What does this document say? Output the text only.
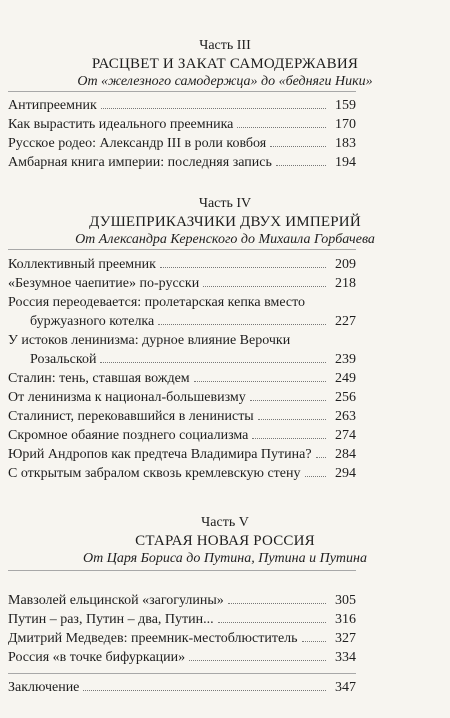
Часть III
РАСЦВЕТ И ЗАКАТ САМОДЕРЖАВИЯ
От «железного самодержца» до «бедняги Ники»
Антипреемник	159
Как вырастить идеального преемника	170
Русское родео: Александр III в роли ковбоя	183
Амбарная книга империи: последняя запись	194
Часть IV
ДУШЕПРИКАЗЧИКИ ДВУХ ИМПЕРИЙ
От Александра Керенского до Михаила Горбачева
Коллективный преемник	209
«Безумное чаепитие» по-русски	218
Россия переодевается: пролетарская кепка вместо
буржуазного котелка	227
У истоков ленинизма: дурное влияние Верочки
Розальской	239
Сталин: тень, ставшая вождем	249
От ленинизма к национал-большевизму	256
Сталинист, перековавшийся в ленинисты	263
Скромное обаяние позднего социализма	274
Юрий Андропов как предтеча Владимира Путина?	284
С открытым забралом сквозь кремлевскую стену	294
Часть V
СТАРАЯ НОВАЯ РОССИЯ
От Царя Бориса до Путина, Путина и Путина
Мавзолей ельцинской «загогулины»	305
Путин – раз, Путин – два, Путин...	316
Дмитрий Медведев: преемник-местоблюститель	327
Россия «в точке бифуркации»	334
Заключение	347
